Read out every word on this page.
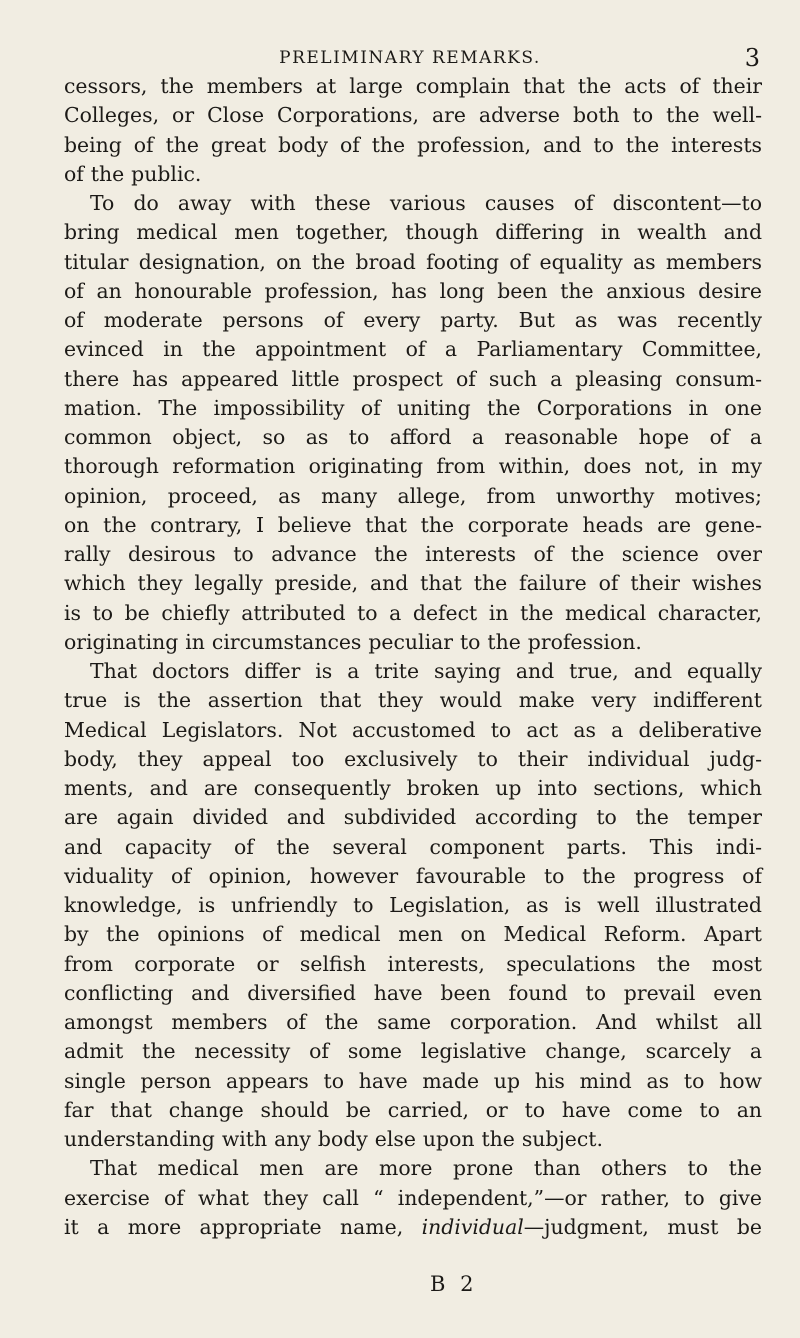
PRELIMINARY REMARKS.	3
cessors, the members at large complain that the acts of their
Colleges, or Close Corporations, are adverse both to the well-
being of the great body of the profession, and to the interests
of the public.
To do away with these various causes of discontent—to
bring medical men together, though differing in wealth and
titular designation, on the broad footing of equality as members
of an honourable profession, has long been the anxious desire
of moderate persons of every party. But as was recently
evinced in the appointment of a Parliamentary Committee,
there has appeared little prospect of such a pleasing consum-
mation. The impossibility of uniting the Corporations in one
common object, so as to afford a reasonable hope of a
thorough reformation originating from within, does not, in my
opinion, proceed, as many allege, from unworthy motives;
on the contrary, I believe that the corporate heads are gene-
rally desirous to advance the interests of the science over
which they legally preside, and that the failure of their wishes
is to be chiefly attributed to a defect in the medical character,
originating in circumstances peculiar to the profession.
That doctors differ is a trite saying and true, and equally
true is the assertion that they would make very indifferent
Medical Legislators. Not accustomed to act as a deliberative
body, they appeal too exclusively to their individual judg-
ments, and are consequently broken up into sections, which
are again divided and subdivided according to the temper
and capacity of the several component parts. This indi-
viduality of opinion, however favourable to the progress of
knowledge, is unfriendly to Legislation, as is well illustrated
by the opinions of medical men on Medical Reform. Apart
from corporate or selfish interests, speculations the most
conflicting and diversified have been found to prevail even
amongst members of the same corporation. And whilst all
admit the necessity of some legislative change, scarcely a
single person appears to have made up his mind as to how
far that change should be carried, or to have come to an
understanding with any body else upon the subject.
That medical men are more prone than others to the
exercise of what they call “ independent,”—or rather, to give
it a more appropriate name, individual—judgment, must be
B 2
